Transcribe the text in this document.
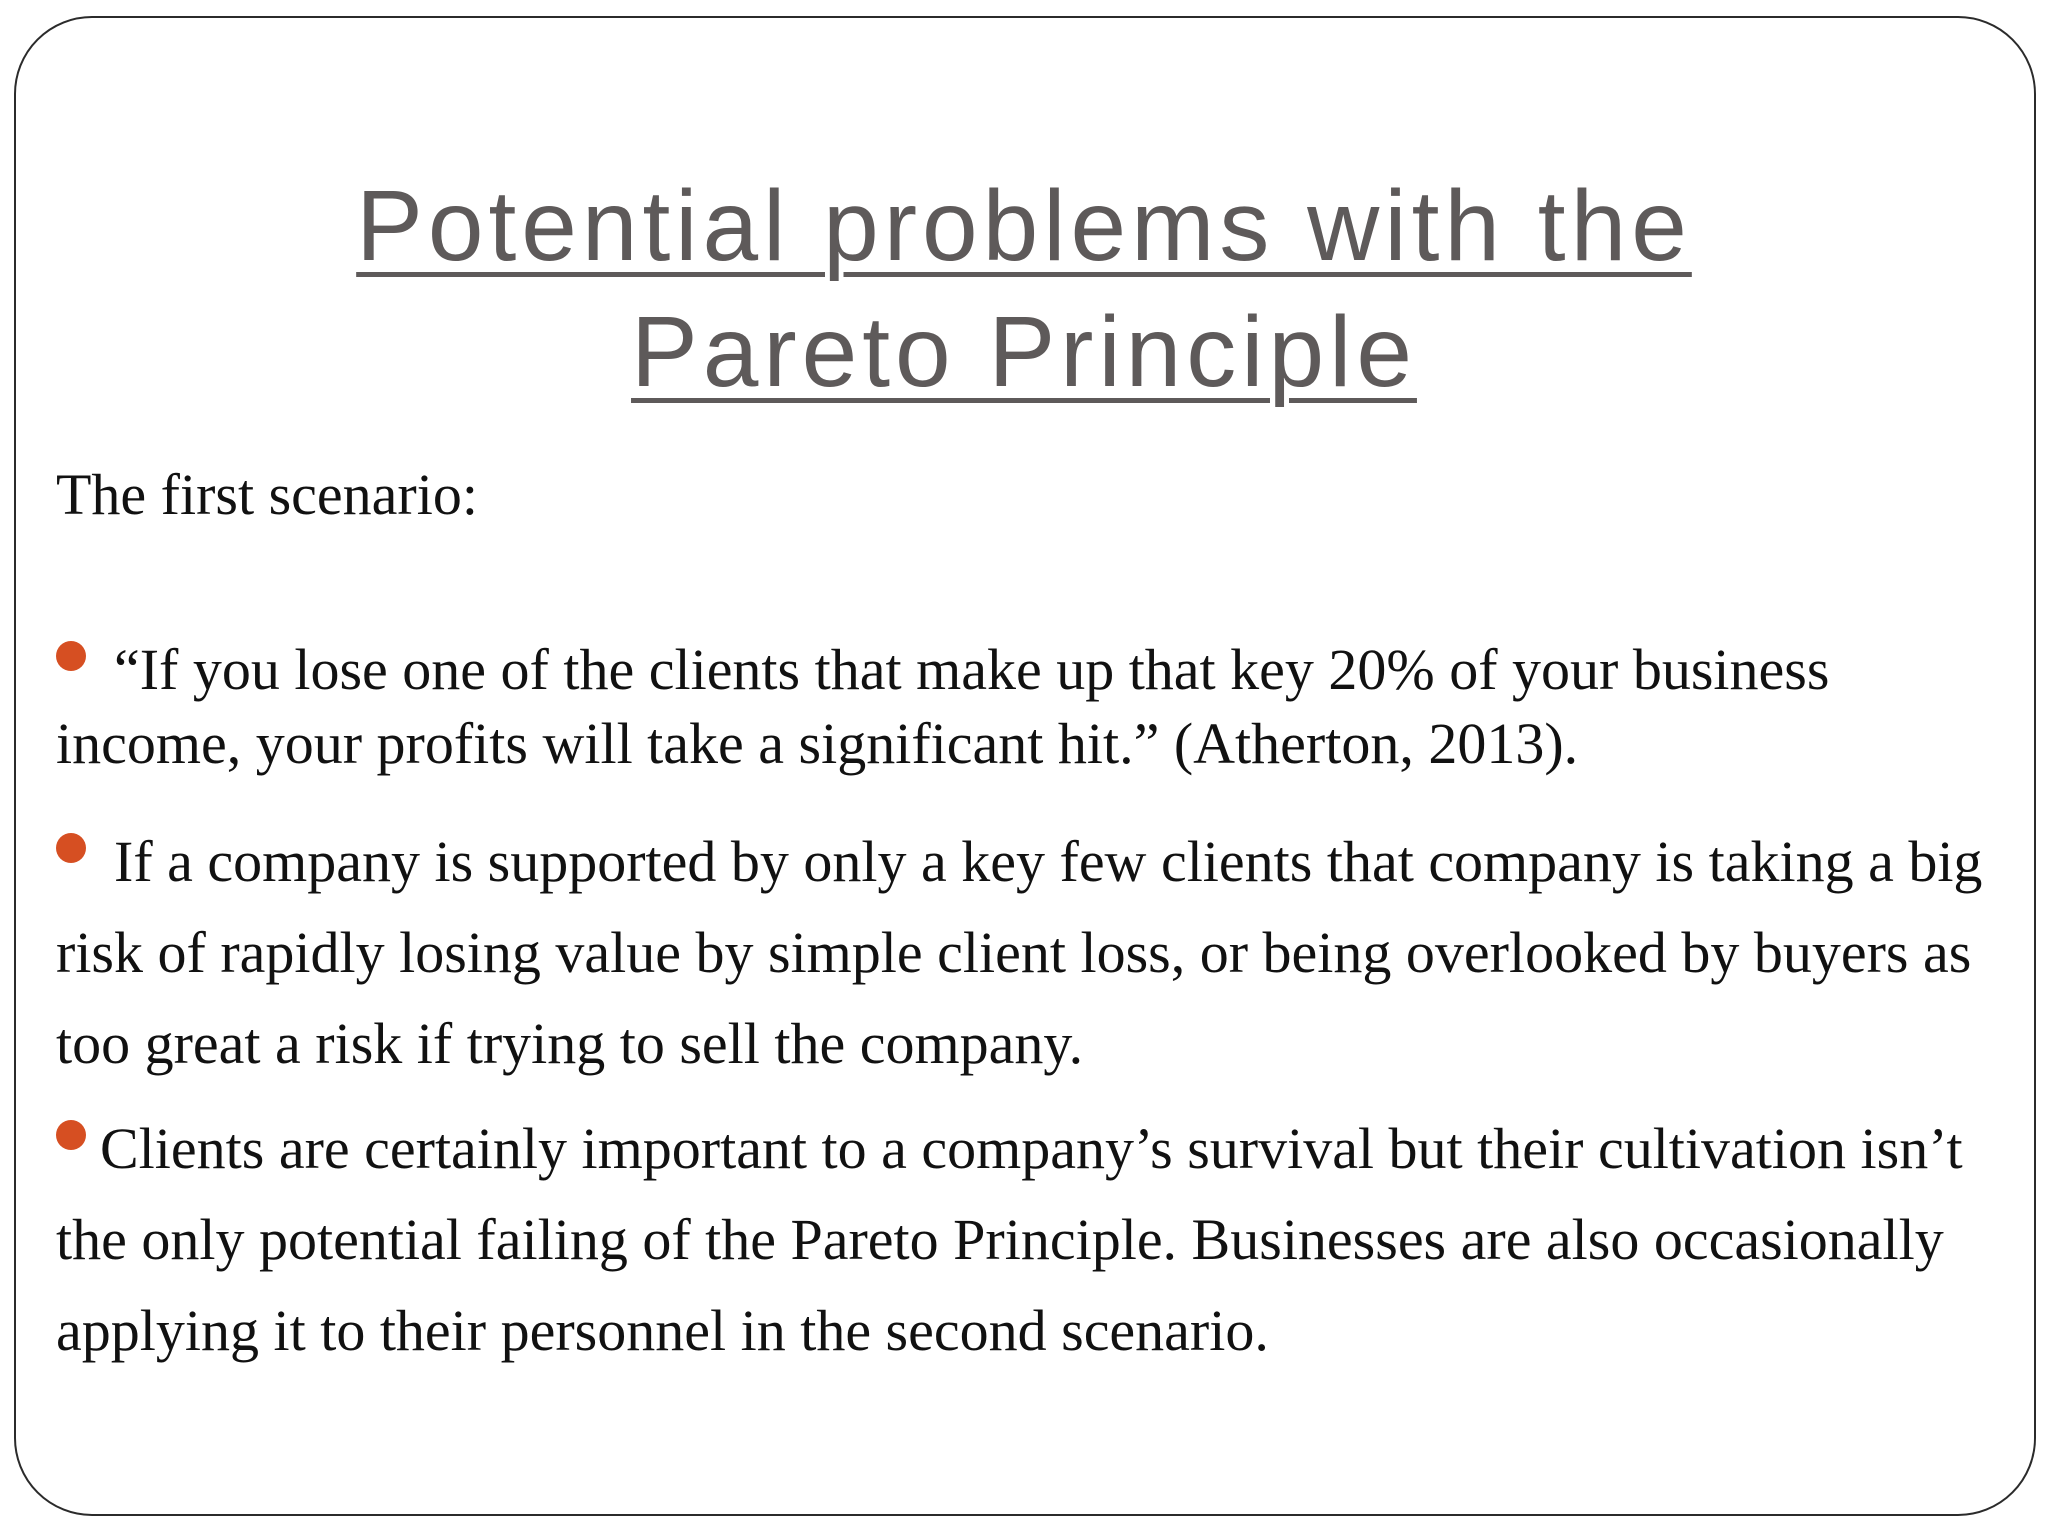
Potential problems with the
Pareto Principle

The first scenario:

“If you lose one of the clients that make up that key 20% of your business income, your profits will take a significant hit.” (Atherton, 2013).

If a company is supported by only a key few clients that company is taking a big risk of rapidly losing value by simple client loss, or being overlooked by buyers as too great a risk if trying to sell the company.

Clients are certainly important to a company’s survival but their cultivation isn’t the only potential failing of the Pareto Principle. Businesses are also occasionally applying it to their personnel in the second scenario.
